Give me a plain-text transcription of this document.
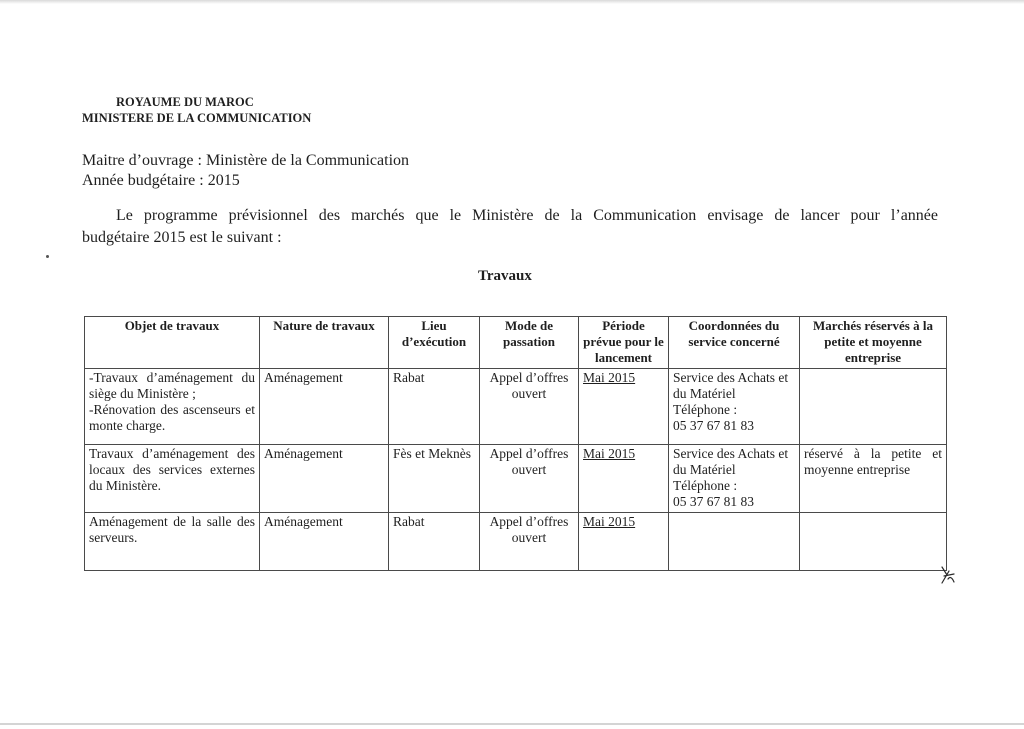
ROYAUME DU MAROC
MINISTERE DE LA COMMUNICATION
Maitre d’ouvrage : Ministère de la Communication
Année budgétaire : 2015
Le programme prévisionnel des marchés que le Ministère de la Communication envisage de lancer pour l’année
budgétaire 2015 est le suivant :
Travaux
Objet de travaux	Nature de travaux	Lieu d’exécution	Mode de passation	Période prévue pour le lancement	Coordonnées du service concerné	Marchés réservés à la petite et moyenne entreprise
-Travaux d’aménagement du siège du Ministère ;
-Rénovation des ascenseurs et monte charge.	Aménagement	Rabat	Appel d’offres ouvert	Mai 2015	Service des Achats et du Matériel
Téléphone :
05 37 67 81 83	
Travaux d’aménagement des locaux des services externes du Ministère.	Aménagement	Fès et Meknès	Appel d’offres ouvert	Mai 2015	Service des Achats et du Matériel
Téléphone :
05 37 67 81 83	réservé à la petite et moyenne entreprise
Aménagement de la salle des serveurs.	Aménagement	Rabat	Appel d’offres ouvert	Mai 2015		
